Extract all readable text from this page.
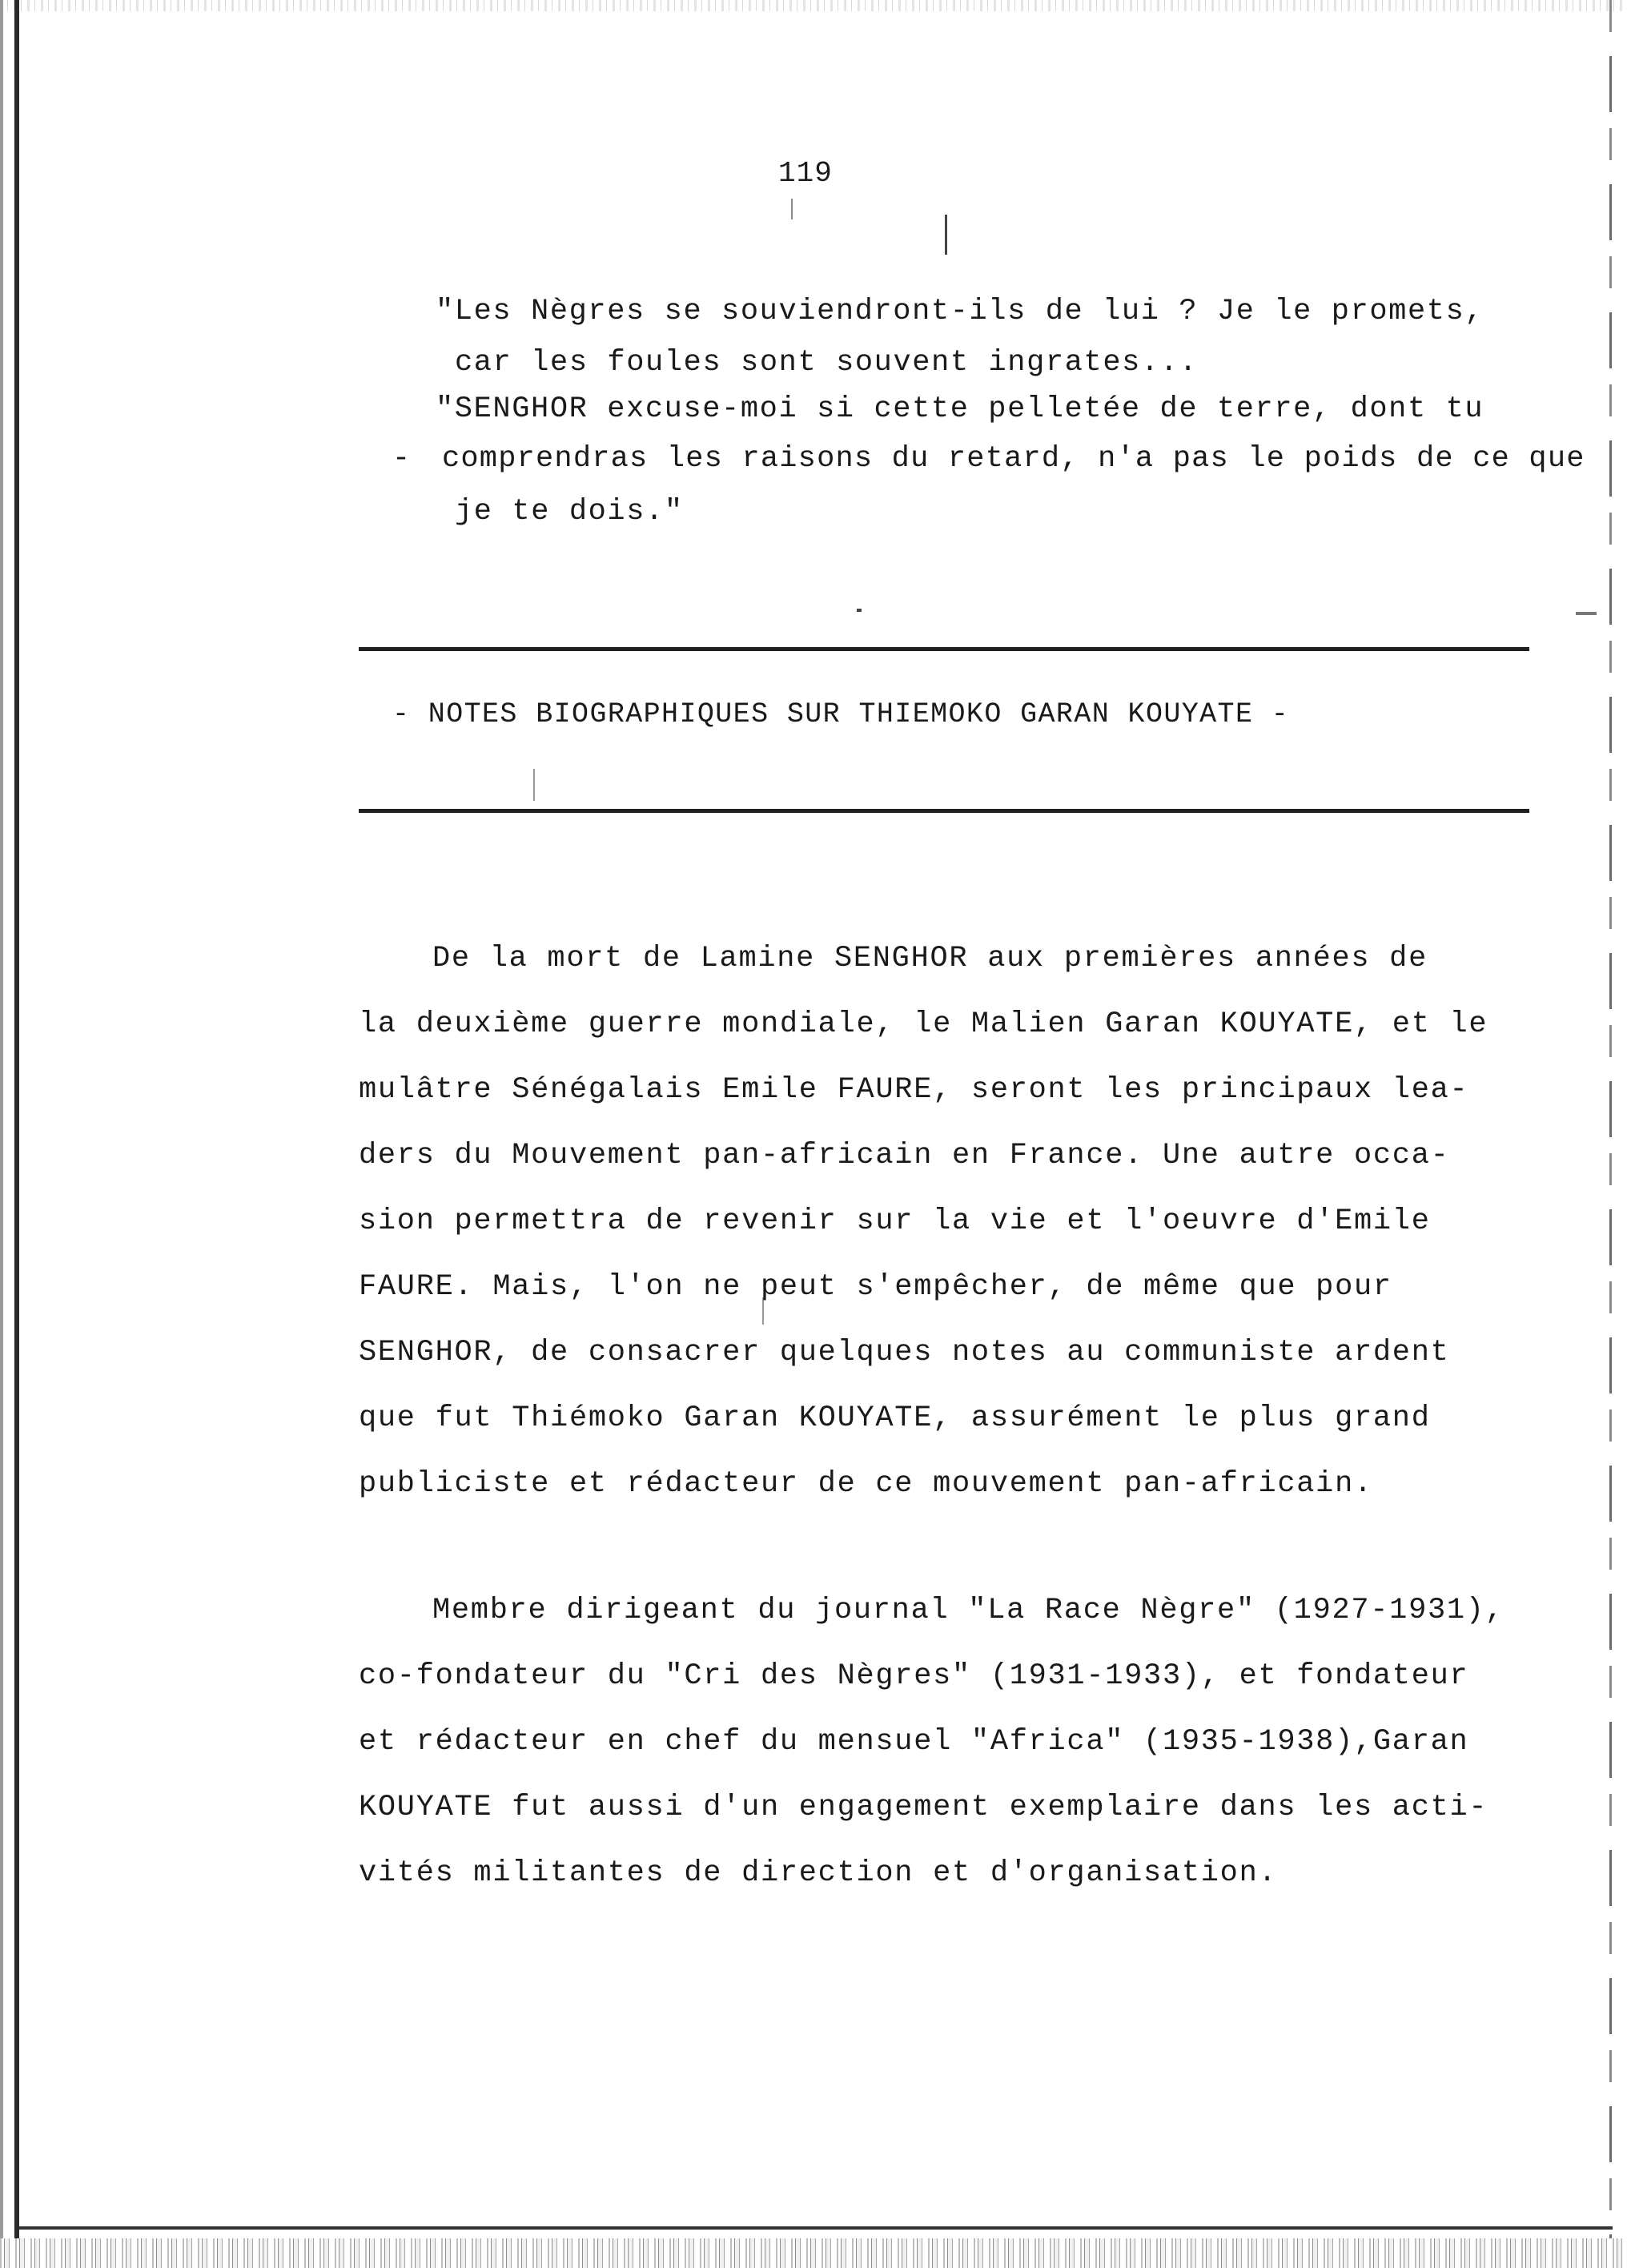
119
"Les Nègres se souviendront-ils de lui ? Je le promets,
car les foules sont souvent ingrates...
"SENGHOR excuse-moi si cette pelletée de terre, dont tu
- comprendras les raisons du retard, n'a pas le poids de ce que
je te dois."
- NOTES BIOGRAPHIQUES SUR THIEMOKO GARAN KOUYATE -
De la mort de Lamine SENGHOR aux premières années de
la deuxième guerre mondiale, le Malien Garan KOUYATE, et le
mulâtre Sénégalais Emile FAURE, seront les principaux lea-
ders du Mouvement pan-africain en France. Une autre occa-
sion permettra de revenir sur la vie et l'oeuvre d'Emile
FAURE. Mais, l'on ne peut s'empêcher, de même que pour
SENGHOR, de consacrer quelques notes au communiste ardent
que fut Thiémoko Garan KOUYATE, assurément le plus grand
publiciste et rédacteur de ce mouvement pan-africain.
Membre dirigeant du journal "La Race Nègre" (1927-1931),
co-fondateur du "Cri des Nègres" (1931-1933), et fondateur
et rédacteur en chef du mensuel "Africa" (1935-1938),Garan
KOUYATE fut aussi d'un engagement exemplaire dans les acti-
vités militantes de direction et d'organisation.
